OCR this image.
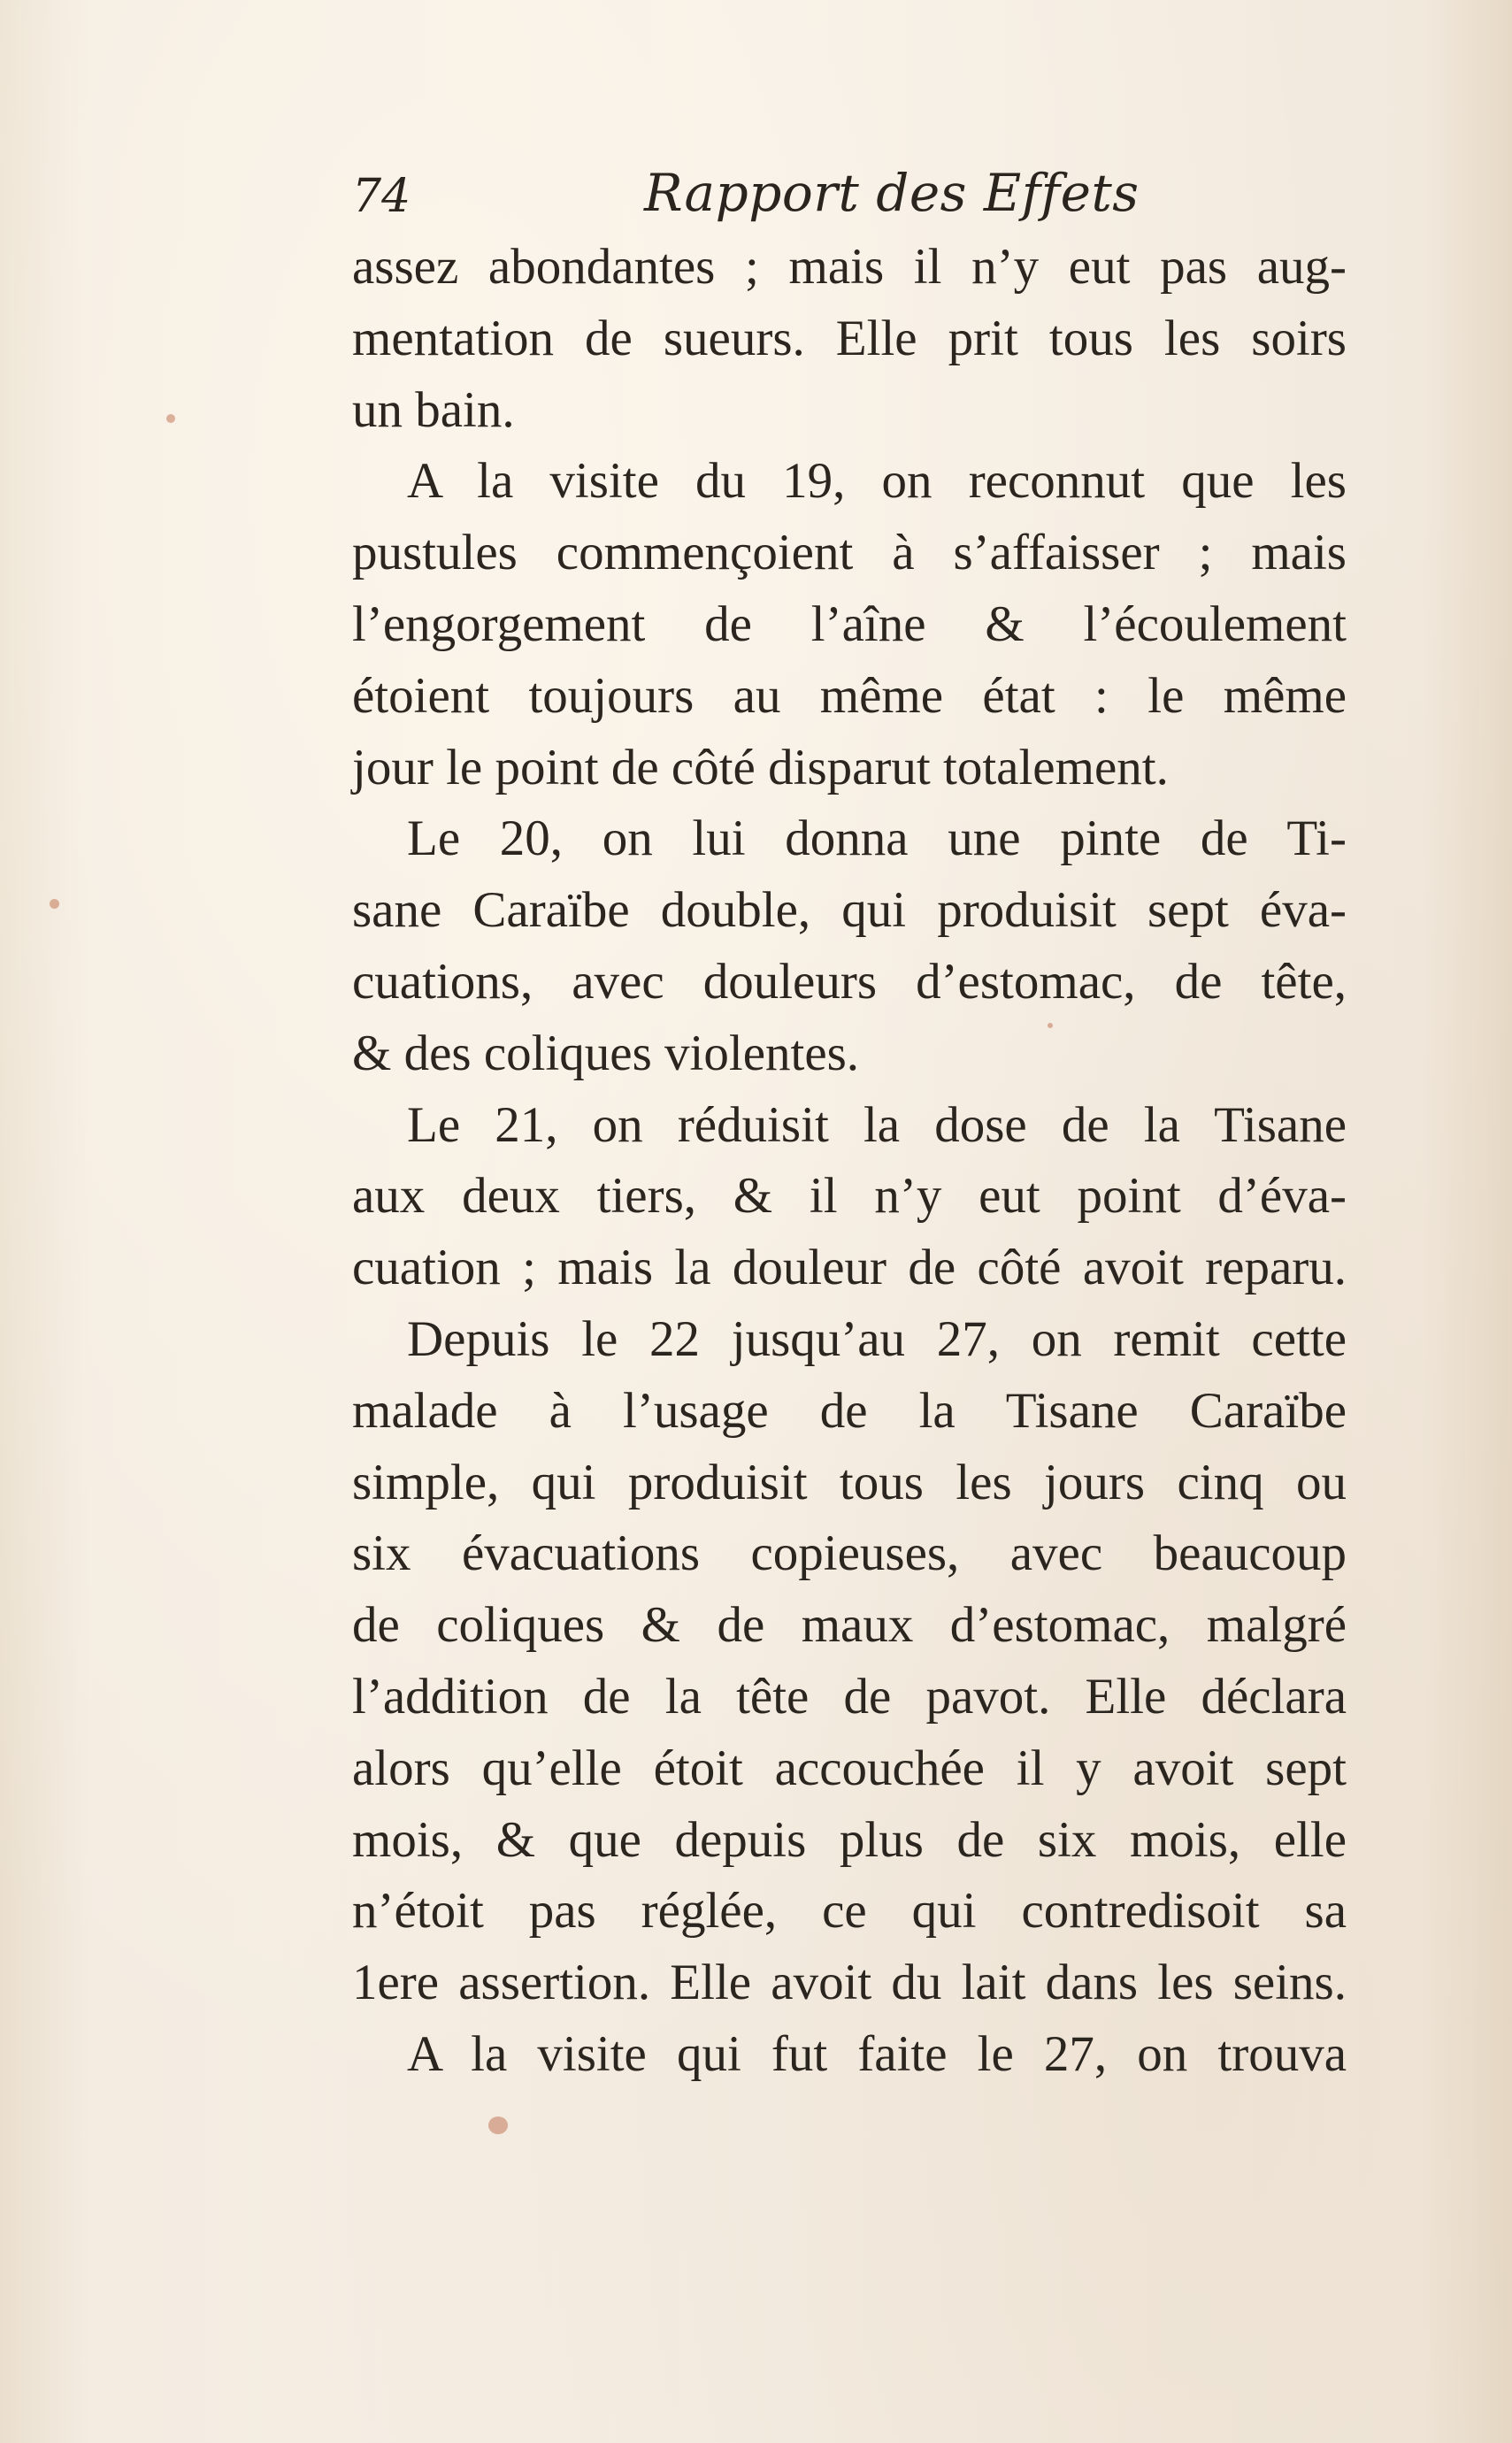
74	Rapport des Effets
assez abondantes ; mais il n’y eut pas aug-
mentation de sueurs. Elle prit tous les soirs
un bain.
A la visite du 19, on reconnut que les
pustules commençoient à s’affaisser ; mais
l’engorgement de l’aîne & l’écoulement
étoient toujours au même état : le même
jour le point de côté disparut totalement.
Le 20, on lui donna une pinte de Ti-
sane Caraïbe double, qui produisit sept éva-
cuations, avec douleurs d’estomac, de tête,
& des coliques violentes.
Le 21, on réduisit la dose de la Tisane
aux deux tiers, & il n’y eut point d’éva-
cuation ; mais la douleur de côté avoit reparu.
Depuis le 22 jusqu’au 27, on remit cette
malade à l’usage de la Tisane Caraïbe
simple, qui produisit tous les jours cinq ou
six évacuations copieuses, avec beaucoup
de coliques & de maux d’estomac, malgré
l’addition de la tête de pavot. Elle déclara
alors qu’elle étoit accouchée il y avoit sept
mois, & que depuis plus de six mois, elle
n’étoit pas réglée, ce qui contredisoit sa
1ere assertion. Elle avoit du lait dans les seins.
A la visite qui fut faite le 27, on trouva
